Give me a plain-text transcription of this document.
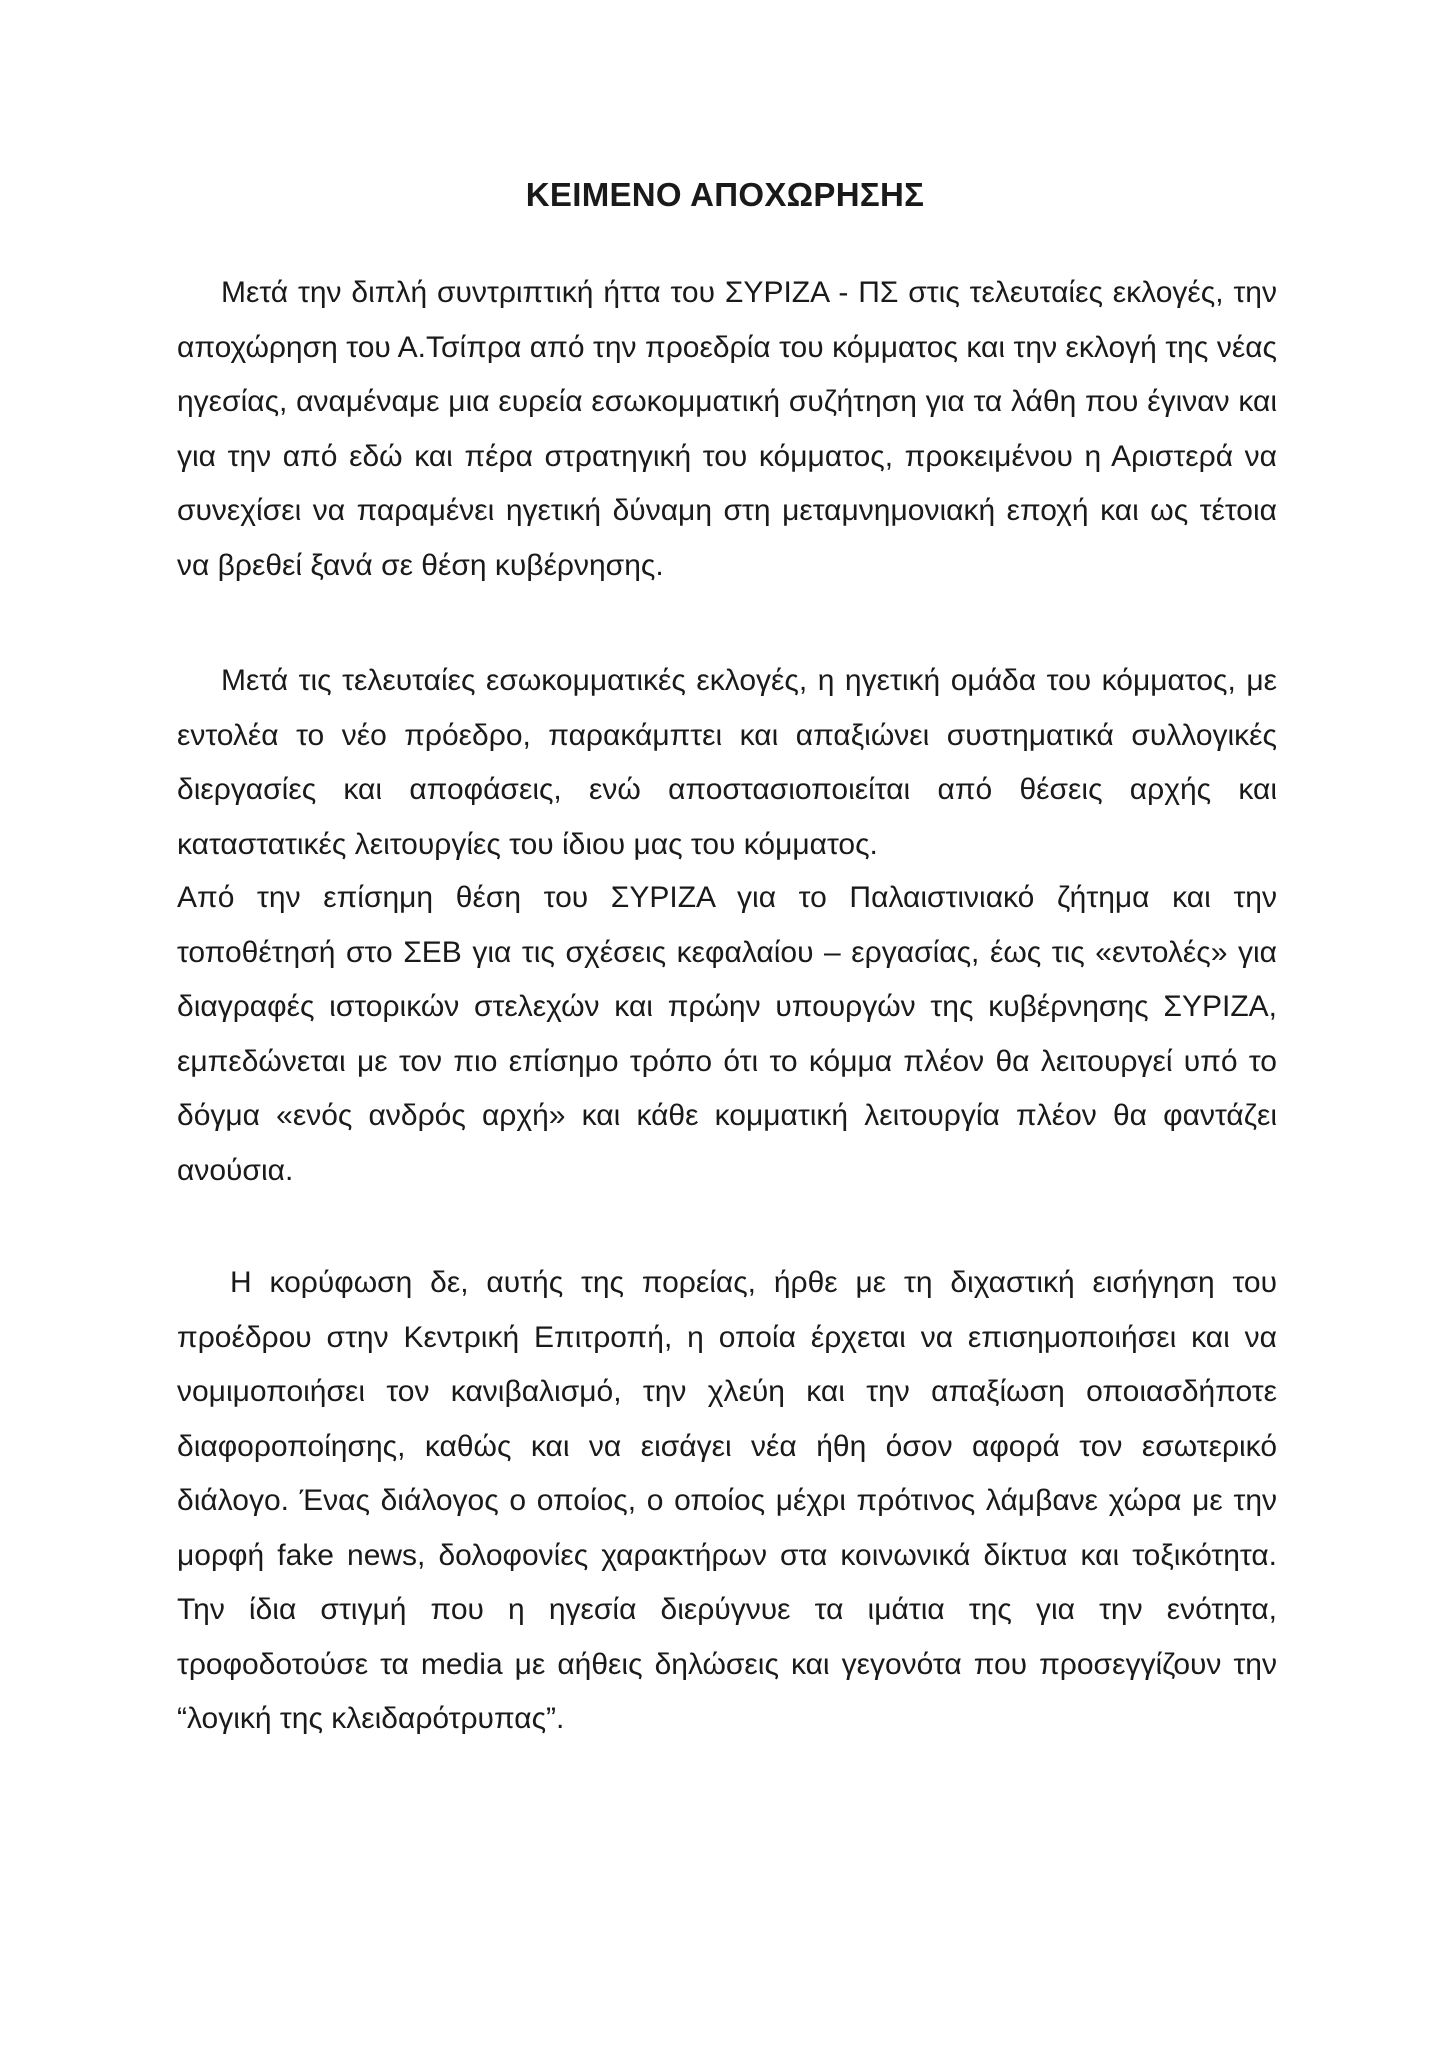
ΚΕΙΜΕΝΟ ΑΠΟΧΩΡΗΣΗΣ

Μετά την διπλή συντριπτική ήττα του ΣΥΡΙΖΑ - ΠΣ στις τελευταίες εκλογές, την αποχώρηση του Α.Τσίπρα από την προεδρία του κόμματος και την εκλογή της νέας ηγεσίας, αναμέναμε μια ευρεία εσωκομματική συζήτηση για τα λάθη που έγιναν και για την από εδώ και πέρα στρατηγική του κόμματος, προκειμένου η Αριστερά να συνεχίσει να παραμένει ηγετική δύναμη στη μεταμνημονιακή εποχή και ως τέτοια να βρεθεί ξανά σε θέση κυβέρνησης.

Μετά τις τελευταίες εσωκομματικές εκλογές, η ηγετική ομάδα του κόμματος, με εντολέα το νέο πρόεδρο, παρακάμπτει και απαξιώνει συστηματικά συλλογικές διεργασίες και αποφάσεις, ενώ αποστασιοποιείται από θέσεις αρχής και καταστατικές λειτουργίες του ίδιου μας του κόμματος.

Από την επίσημη θέση του ΣΥΡΙΖΑ για το Παλαιστινιακό ζήτημα και την τοποθέτησή στο ΣΕΒ για τις σχέσεις κεφαλαίου – εργασίας, έως τις «εντολές» για διαγραφές ιστορικών στελεχών και πρώην υπουργών της κυβέρνησης ΣΥΡΙΖΑ, εμπεδώνεται με τον πιο επίσημο τρόπο ότι το κόμμα πλέον θα λειτουργεί υπό το δόγμα «ενός ανδρός αρχή» και κάθε κομματική λειτουργία πλέον θα φαντάζει ανούσια.

Η κορύφωση δε, αυτής της πορείας, ήρθε με τη διχαστική εισήγηση του προέδρου στην Κεντρική Επιτροπή, η οποία έρχεται να επισημοποιήσει και να νομιμοποιήσει τον κανιβαλισμό, την χλεύη και την απαξίωση οποιασδήποτε διαφοροποίησης, καθώς και να εισάγει νέα ήθη όσον αφορά τον εσωτερικό διάλογο. Ένας διάλογος ο οποίος, ο οποίος μέχρι πρότινος λάμβανε χώρα με την μορφή fake news, δολοφονίες χαρακτήρων στα κοινωνικά δίκτυα και τοξικότητα. Την ίδια στιγμή που η ηγεσία διερύγνυε τα ιμάτια της για την ενότητα, τροφοδοτούσε τα media με αήθεις δηλώσεις και γεγονότα που προσεγγίζουν την “λογική της κλειδαρότρυπας”.
